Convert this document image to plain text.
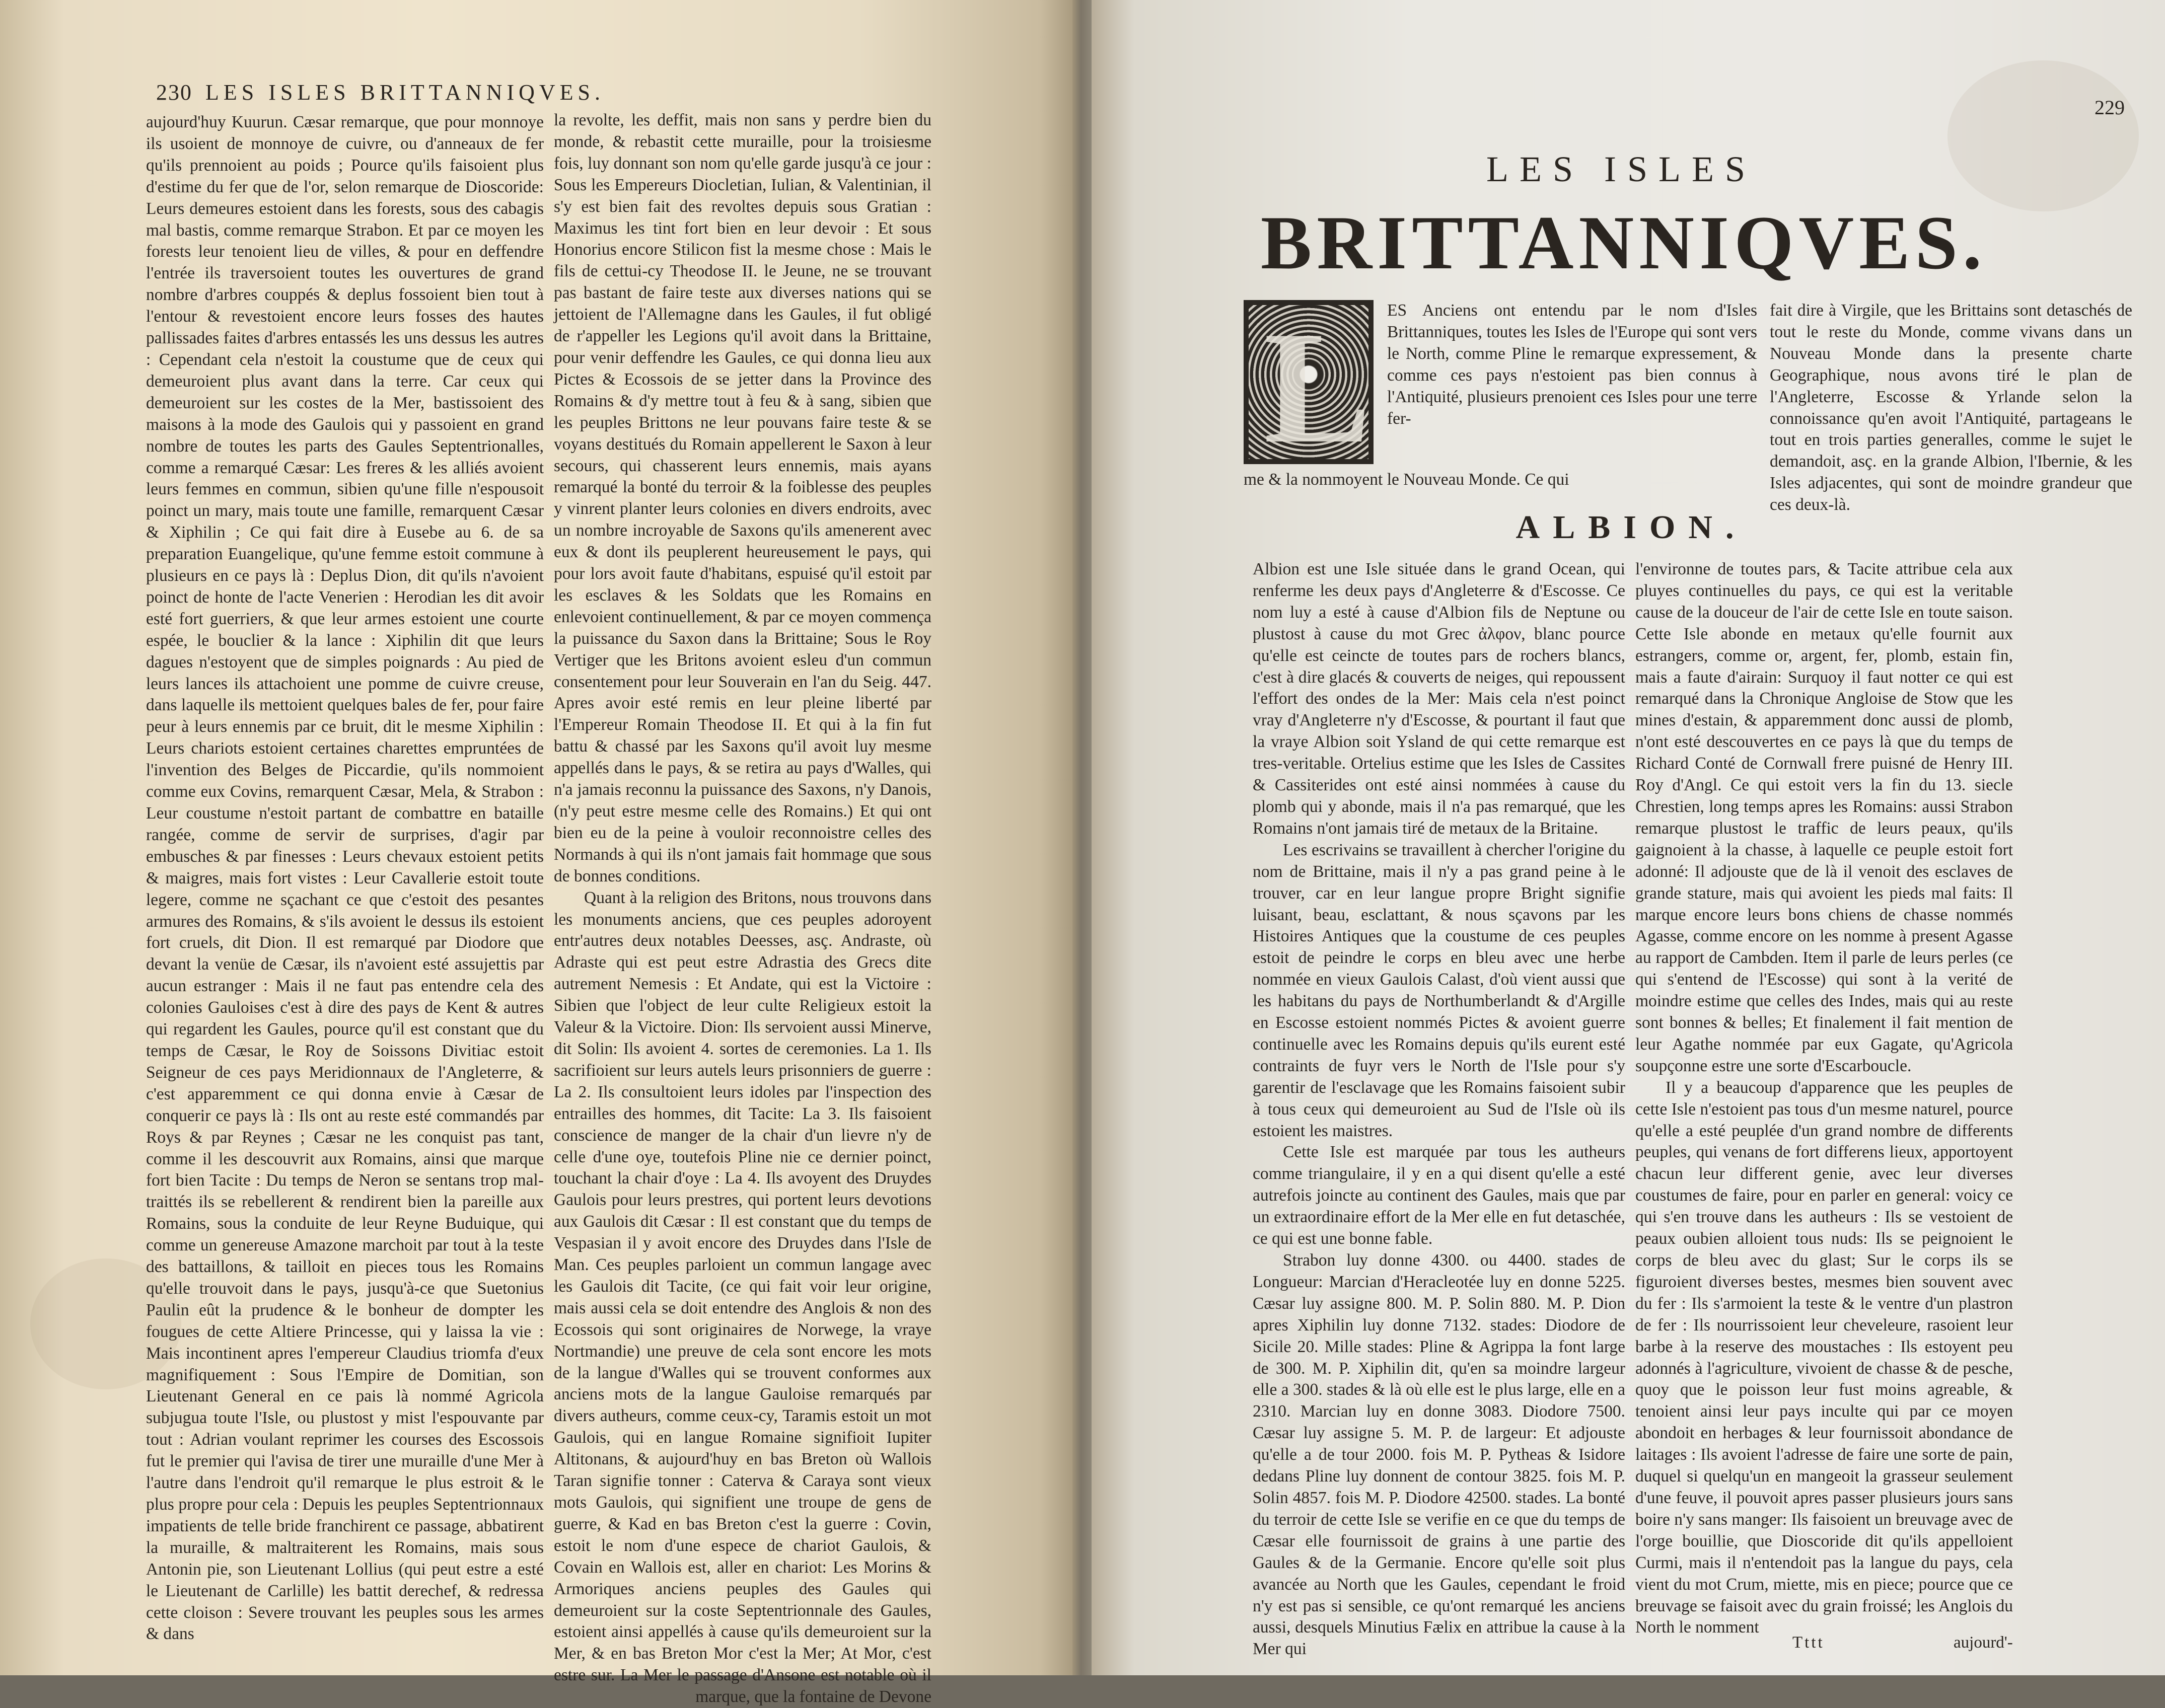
230 LES ISLES BRITTANNIQVES.

aujourd'huy Kuurun. Cæsar remarque, que pour monnoye ils usoient de monnoye de cuivre, ou d'anneaux de fer qu'ils prennoient au poids ; Pource qu'ils faisoient plus d'estime du fer que de l'or, selon remarque de Dioscoride: Leurs demeures estoient dans les forests, sous des cabagis mal bastis, comme remarque Strabon. Et par ce moyen les forests leur tenoient lieu de villes, & pour en deffendre l'entrée ils traversoient toutes les ouvertures de grand nombre d'arbres couppés & deplus fossoient bien tout à l'entour & revestoient encore leurs fosses des hautes pallissades faites d'arbres entassés les uns dessus les autres : Cependant cela n'estoit la coustume que de ceux qui demeuroient plus avant dans la terre. Car ceux qui demeuroient sur les costes de la Mer, bastissoient des maisons à la mode des Gaulois qui y passoient en grand nombre de toutes les parts des Gaules Septentrionalles, comme a remarqué Cæsar: Les freres & les alliés avoient leurs femmes en commun, sibien qu'une fille n'espousoit poinct un mary, mais toute une famille, remarquent Cæsar & Xiphilin ; Ce qui fait dire à Eusebe au 6. de sa preparation Euangelique, qu'une femme estoit commune à plusieurs en ce pays là : Deplus Dion, dit qu'ils n'avoient poinct de honte de l'acte Venerien : Herodian les dit avoir esté fort guerriers, & que leur armes estoient une courte espée, le bouclier & la lance : Xiphilin dit que leurs dagues n'estoyent que de simples poignards : Au pied de leurs lances ils attachoient une pomme de cuivre creuse, dans laquelle ils mettoient quelques bales de fer, pour faire peur à leurs ennemis par ce bruit, dit le mesme Xiphilin : Leurs chariots estoient certaines charettes empruntées de l'invention des Belges de Piccardie, qu'ils nommoient comme eux Covins, remarquent Cæsar, Mela, & Strabon : Leur coustume n'estoit partant de combattre en bataille rangée, comme de servir de surprises, d'agir par embusches & par finesses : Leurs chevaux estoient petits & maigres, mais fort vistes : Leur Cavallerie estoit toute legere, comme ne sçachant ce que c'estoit des pesantes armures des Romains, & s'ils avoient le dessus ils estoient fort cruels, dit Dion. Il est remarqué par Diodore que devant la venüe de Cæsar, ils n'avoient esté assujettis par aucun estranger : Mais il ne faut pas entendre cela des colonies Gauloises c'est à dire des pays de Kent & autres qui regardent les Gaules, pource qu'il est constant que du temps de Cæsar, le Roy de Soissons Divitiac estoit Seigneur de ces pays Meridionnaux de l'Angleterre, & c'est apparemment ce qui donna envie à Cæsar de conquerir ce pays là : Ils ont au reste esté commandés par Roys & par Reynes ; Cæsar ne les conquist pas tant, comme il les descouvrit aux Romains, ainsi que marque fort bien Tacite : Du temps de Neron se sentans trop mal-traittés ils se rebellerent & rendirent bien la pareille aux Romains, sous la conduite de leur Reyne Buduique, qui comme un genereuse Amazone marchoit par tout à la teste des battaillons, & tailloit en pieces tous les Romains qu'elle trouvoit dans le pays, jusqu'à-ce que Suetonius Paulin eût la prudence & le bonheur de dompter les fougues de cette Altiere Princesse, qui y laissa la vie : Mais incontinent apres l'empereur Claudius triomfa d'eux magnifiquement : Sous l'Empire de Domitian, son Lieutenant General en ce pais là nommé Agricola subjugua toute l'Isle, ou plustost y mist l'espouvante par tout : Adrian voulant reprimer les courses des Escossois fut le premier qui l'avisa de tirer une muraille d'une Mer à l'autre dans l'endroit qu'il remarque le plus estroit & le plus propre pour cela : Depuis les peuples Septentrionnaux impatients de telle bride franchirent ce passage, abbatirent la muraille, & maltraiterent les Romains, mais sous Antonin pie, son Lieutenant Lollius (qui peut estre a esté le Lieutenant de Carlille) les battit derechef, & redressa cette cloison : Severe trouvant les peuples sous les armes & dans

la revolte, les deffit, mais non sans y perdre bien du monde, & rebastit cette muraille, pour la troisiesme fois, luy donnant son nom qu'elle garde jusqu'à ce jour : Sous les Empereurs Diocletian, Iulian, & Valentinian, il s'y est bien fait des revoltes depuis sous Gratian : Maximus les tint fort bien en leur devoir : Et sous Honorius encore Stilicon fist la mesme chose : Mais le fils de cettui-cy Theodose II. le Jeune, ne se trouvant pas bastant de faire teste aux diverses nations qui se jettoient de l'Allemagne dans les Gaules, il fut obligé de r'appeller les Legions qu'il avoit dans la Brittaine, pour venir deffendre les Gaules, ce qui donna lieu aux Pictes & Ecossois de se jetter dans la Province des Romains & d'y mettre tout à feu & à sang, sibien que les peuples Brittons ne leur pouvans faire teste & se voyans destitués du Romain appellerent le Saxon à leur secours, qui chasserent leurs ennemis, mais ayans remarqué la bonté du terroir & la foiblesse des peuples y vinrent planter leurs colonies en divers endroits, avec un nombre incroyable de Saxons qu'ils amenerent avec eux & dont ils peuplerent heureusement le pays, qui pour lors avoit faute d'habitans, espuisé qu'il estoit par les esclaves & les Soldats que les Romains en enlevoient continuellement, & par ce moyen commença la puissance du Saxon dans la Brittaine; Sous le Roy Vertiger que les Britons avoient esleu d'un commun consentement pour leur Souverain en l'an du Seig. 447. Apres avoir esté remis en leur pleine liberté par l'Empereur Romain Theodose II. Et qui à la fin fut battu & chassé par les Saxons qu'il avoit luy mesme appellés dans le pays, & se retira au pays d'Walles, qui n'a jamais reconnu la puissance des Saxons, n'y Danois, (n'y peut estre mesme celle des Romains.) Et qui ont bien eu de la peine à vouloir reconnoistre celles des Normands à qui ils n'ont jamais fait hommage que sous de bonnes conditions.

Quant à la religion des Britons, nous trouvons dans les monuments anciens, que ces peuples adoroyent entr'autres deux notables Deesses, asç. Andraste, où Adraste qui est peut estre Adrastia des Grecs dite autrement Nemesis : Et Andate, qui est la Victoire : Sibien que l'object de leur culte Religieux estoit la Valeur & la Victoire. Dion: Ils servoient aussi Minerve, dit Solin: Ils avoient 4. sortes de ceremonies. La 1. Ils sacrifioient sur leurs autels leurs prisonniers de guerre : La 2. Ils consultoient leurs idoles par l'inspection des entrailles des hommes, dit Tacite: La 3. Ils faisoient conscience de manger de la chair d'un lievre n'y de celle d'une oye, toutefois Pline nie ce dernier poinct, touchant la chair d'oye : La 4. Ils avoyent des Druydes Gaulois pour leurs prestres, qui portent leurs devotions aux Gaulois dit Cæsar : Il est constant que du temps de Vespasian il y avoit encore des Druydes dans l'Isle de Man. Ces peuples parloient un commun langage avec les Gaulois dit Tacite, (ce qui fait voir leur origine, mais aussi cela se doit entendre des Anglois & non des Ecossois qui sont originaires de Norwege, la vraye Nortmandie) une preuve de cela sont encore les mots de la langue d'Walles qui se trouvent conformes aux anciens mots de la langue Gauloise remarqués par divers autheurs, comme ceux-cy, Taramis estoit un mot Gaulois, qui en langue Romaine signifioit Iupiter Altitonans, & aujourd'huy en bas Breton où Wallois Taran signifie tonner : Caterva & Caraya sont vieux mots Gaulois, qui signifient une troupe de gens de guerre, & Kad en bas Breton c'est la guerre : Covin, estoit le nom d'une espece de chariot Gaulois, & Covain en Wallois est, aller en chariot: Les Morins & Armoriques anciens peuples des Gaules qui demeuroient sur la coste Septentrionnale des Gaules, estoient ainsi appellés à cause qu'ils demeuroient sur la Mer, & en bas Breton Mor c'est la Mer; At Mor, c'est estre sur. La Mer le passage d'Ansone est notable où il marque, que la fontaine de Devone

229
LES ISLES
BRITTANNIQVES.
L ES Anciens ont entendu par le nom d'Isles Brittanniques, toutes les Isles de l'Europe qui sont vers le North, comme Pline le remarque expressement, & comme ces pays n'estoient pas bien connus à l'Antiquité, plusieurs prenoient ces Isles pour une terre fer-

me & la nommoyent le Nouveau Monde. Ce qui

fait dire à Virgile, que les Brittains sont detaschés de tout le reste du Monde, comme vivans dans un Nouveau Monde dans la presente charte Geographique, nous avons tiré le plan de l'Angleterre, Escosse & Yrlande selon la connoissance qu'en avoit l'Antiquité, partageans le tout en trois parties generalles, comme le sujet le demandoit, asç. en la grande Albion, l'Ibernie, & les Isles adjacentes, qui sont de moindre grandeur que ces deux-là.

ALBION.

Albion est une Isle située dans le grand Ocean, qui renferme les deux pays d'Angleterre & d'Escosse. Ce nom luy a esté à cause d'Albion fils de Neptune ou plustost à cause du mot Grec ἀλφον, blanc pource qu'elle est ceincte de toutes pars de rochers blancs, c'est à dire glacés & couverts de neiges, qui repoussent l'effort des ondes de la Mer: Mais cela n'est poinct vray d'Angleterre n'y d'Escosse, & pourtant il faut que la vraye Albion soit Ysland de qui cette remarque est tres-veritable. Ortelius estime que les Isles de Cassites & Cassiterides ont esté ainsi nommées à cause du plomb qui y abonde, mais il n'a pas remarqué, que les Romains n'ont jamais tiré de metaux de la Britaine.

Les escrivains se travaillent à chercher l'origine du nom de Brittaine, mais il n'y a pas grand peine à le trouver, car en leur langue propre Bright signifie luisant, beau, esclattant, & nous sçavons par les Histoires Antiques que la coustume de ces peuples estoit de peindre le corps en bleu avec une herbe nommée en vieux Gaulois Calast, d'où vient aussi que les habitans du pays de Northumberlandt & d'Argille en Escosse estoient nommés Pictes & avoient guerre continuelle avec les Romains depuis qu'ils eurent esté contraints de fuyr vers le North de l'Isle pour s'y garentir de l'esclavage que les Romains faisoient subir à tous ceux qui demeuroient au Sud de l'Isle où ils estoient les maistres.

Cette Isle est marquée par tous les autheurs comme triangulaire, il y en a qui disent qu'elle a esté autrefois joincte au continent des Gaules, mais que par un extraordinaire effort de la Mer elle en fut detaschée, ce qui est une bonne fable.

Strabon luy donne 4300. ou 4400. stades de Longueur: Marcian d'Heracleotée luy en donne 5225. Cæsar luy assigne 800. M. P. Solin 880. M. P. Dion apres Xiphilin luy donne 7132. stades: Diodore de Sicile 20. Mille stades: Pline & Agrippa la font large de 300. M. P. Xiphilin dit, qu'en sa moindre largeur elle a 300. stades & là où elle est le plus large, elle en a 2310. Marcian luy en donne 3083. Diodore 7500. Cæsar luy assigne 5. M. P. de largeur: Et adjouste qu'elle a de tour 2000. fois M. P. Pytheas & Isidore dedans Pline luy donnent de contour 3825. fois M. P. Solin 4857. fois M. P. Diodore 42500. stades. La bonté du terroir de cette Isle se verifie en ce que du temps de Cæsar elle fournissoit de grains à une partie des Gaules & de la Germanie. Encore qu'elle soit plus avancée au North que les Gaules, cependant le froid n'y est pas si sensible, ce qu'ont remarqué les anciens aussi, desquels Minutius Fælix en attribue la cause à la Mer qui

l'environne de toutes pars, & Tacite attribue cela aux pluyes continuelles du pays, ce qui est la veritable cause de la douceur de l'air de cette Isle en toute saison. Cette Isle abonde en metaux qu'elle fournit aux estrangers, comme or, argent, fer, plomb, estain fin, mais a faute d'airain: Surquoy il faut notter ce qui est remarqué dans la Chronique Angloise de Stow que les mines d'estain, & apparemment donc aussi de plomb, n'ont esté descouvertes en ce pays là que du temps de Richard Conté de Cornwall frere puisné de Henry III. Roy d'Angl. Ce qui estoit vers la fin du 13. siecle Chrestien, long temps apres les Romains: aussi Strabon remarque plustost le traffic de leurs peaux, qu'ils gaignoient à la chasse, à laquelle ce peuple estoit fort adonné: Il adjouste que de là il venoit des esclaves de grande stature, mais qui avoient les pieds mal faits: Il marque encore leurs bons chiens de chasse nommés Agasse, comme encore on les nomme à present Agasse au rapport de Cambden. Item il parle de leurs perles (ce qui s'entend de l'Escosse) qui sont à la verité de moindre estime que celles des Indes, mais qui au reste sont bonnes & belles; Et finalement il fait mention de leur Agathe nommée par eux Gagate, qu'Agricola soupçonne estre une sorte d'Escarboucle.

Il y a beaucoup d'apparence que les peuples de cette Isle n'estoient pas tous d'un mesme naturel, pource qu'elle a esté peuplée d'un grand nombre de differents peuples, qui venans de fort differens lieux, apportoyent chacun leur different genie, avec leur diverses coustumes de faire, pour en parler en general: voicy ce qui s'en trouve dans les autheurs : Ils se vestoient de peaux oubien alloient tous nuds: Ils se peignoient le corps de bleu avec du glast; Sur le corps ils se figuroient diverses bestes, mesmes bien souvent avec du fer : Ils s'armoient la teste & le ventre d'un plastron de fer : Ils nourrissoient leur cheveleure, rasoient leur barbe à la reserve des moustaches : Ils estoyent peu adonnés à l'agriculture, vivoient de chasse & de pesche, quoy que le poisson leur fust moins agreable, & tenoient ainsi leur pays inculte qui par ce moyen abondoit en herbages & leur fournissoit abondance de laitages : Ils avoient l'adresse de faire une sorte de pain, duquel si quelqu'un en mangeoit la grasseur seulement d'une feuve, il pouvoit apres passer plusieurs jours sans boire n'y sans manger: Ils faisoient un breuvage avec de l'orge bouillie, que Dioscoride dit qu'ils appelloient Curmi, mais il n'entendoit pas la langue du pays, cela vient du mot Crum, miette, mis en piece; pource que ce breuvage se faisoit avec du grain froissé; les Anglois du North le nomment

Tttt	aujourd'-
